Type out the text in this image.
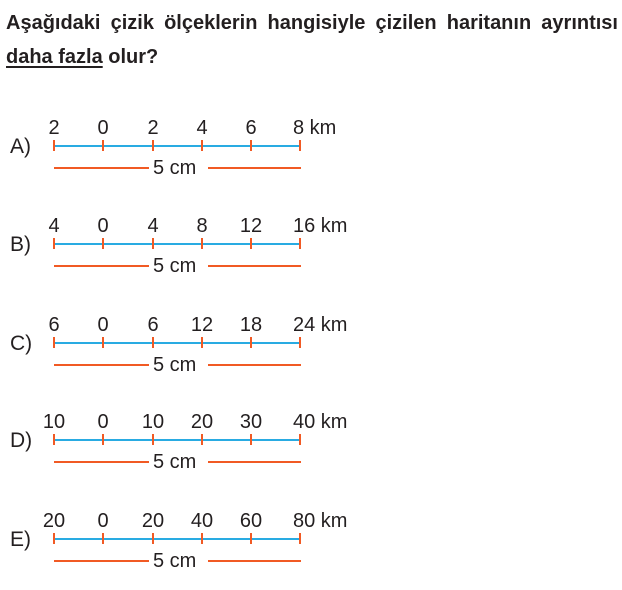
Aşağıdaki çizik ölçeklerin hangisiyle çizilen haritanın ayrıntısı daha fazla olur?
A)
2 0 2 4 6 8 km
5 cm
B)
4 0 4 8 12 16 km
5 cm
C)
6 0 6 12 18 24 km
5 cm
D)
10 0 10 20 30 40 km
5 cm
E)
20 0 20 40 60 80 km
5 cm
